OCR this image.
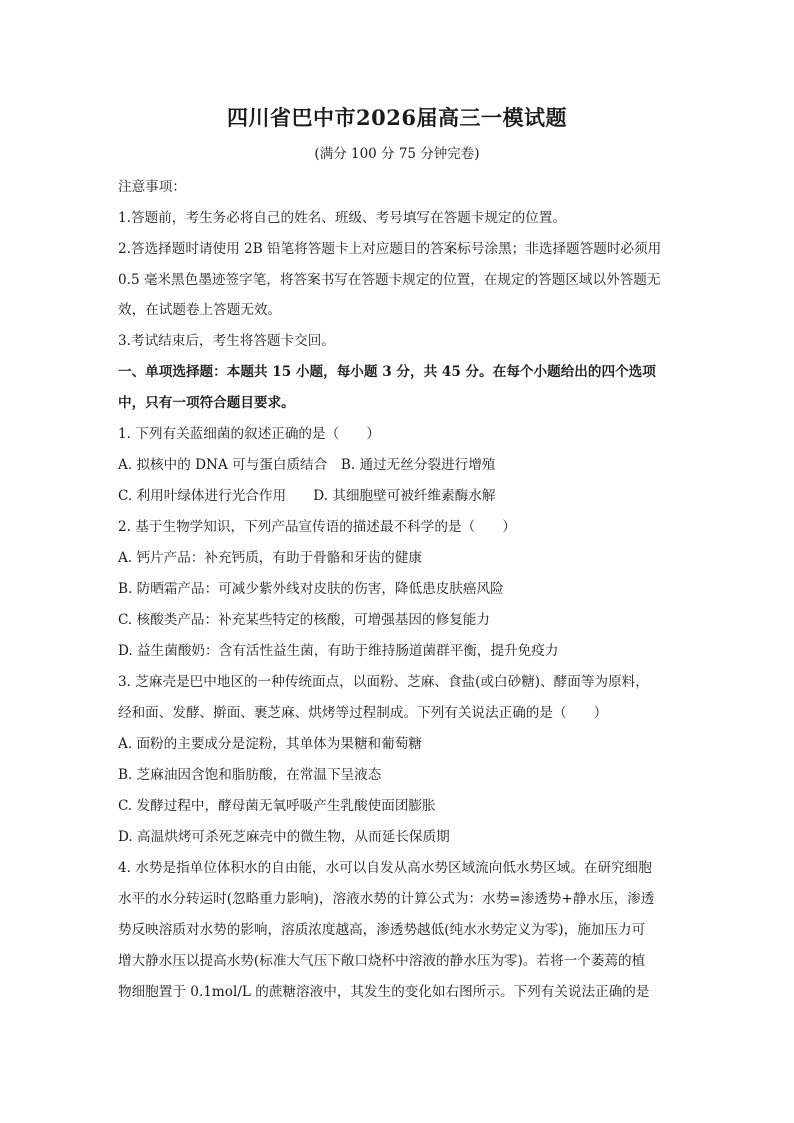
四川省巴中市2026届高三一模试题
(满分 100 分 75 分钟完卷)
注意事项：
1.答题前，考生务必将自己的姓名、班级、考号填写在答题卡规定的位置。
2.答选择题时请使用 2B 铅笔将答题卡上对应题目的答案标号涂黑；非选择题答题时必须用
0.5 毫米黑色墨迹签字笔，将答案书写在答题卡规定的位置，在规定的答题区域以外答题无
效，在试题卷上答题无效。
3.考试结束后，考生将答题卡交回。
一、单项选择题：本题共 15 小题，每小题 3 分，共 45 分。在每个小题给出的四个选项
中，只有一项符合题目要求。
1. 下列有关蓝细菌的叙述正确的是（　　）
A. 拟核中的 DNA 可与蛋白质结合　B. 通过无丝分裂进行增殖
C. 利用叶绿体进行光合作用　　D. 其细胞壁可被纤维素酶水解
2. 基于生物学知识，下列产品宣传语的描述最不科学的是（　　）
A. 钙片产品：补充钙质，有助于骨骼和牙齿的健康
B. 防晒霜产品：可减少紫外线对皮肤的伤害，降低患皮肤癌风险
C. 核酸类产品：补充某些特定的核酸，可增强基因的修复能力
D. 益生菌酸奶：含有活性益生菌，有助于维持肠道菌群平衡，提升免疫力
3. 芝麻壳是巴中地区的一种传统面点，以面粉、芝麻、食盐(或白砂糖)、酵面等为原料，
经和面、发酵、擀面、裹芝麻、烘烤等过程制成。下列有关说法正确的是（　　）
A. 面粉的主要成分是淀粉，其单体为果糖和葡萄糖
B. 芝麻油因含饱和脂肪酸，在常温下呈液态
C. 发酵过程中，酵母菌无氧呼吸产生乳酸使面团膨胀
D. 高温烘烤可杀死芝麻壳中的微生物，从而延长保质期
4. 水势是指单位体积水的自由能，水可以自发从高水势区域流向低水势区域。在研究细胞
水平的水分转运时(忽略重力影响)，溶液水势的计算公式为：水势=渗透势+静水压，渗透
势反映溶质对水势的影响，溶质浓度越高，渗透势越低(纯水水势定义为零)，施加压力可
增大静水压以提高水势(标准大气压下敞口烧杯中溶液的静水压为零)。若将一个萎蔫的植
物细胞置于 0.1mol/L 的蔗糖溶液中，其发生的变化如右图所示。下列有关说法正确的是
